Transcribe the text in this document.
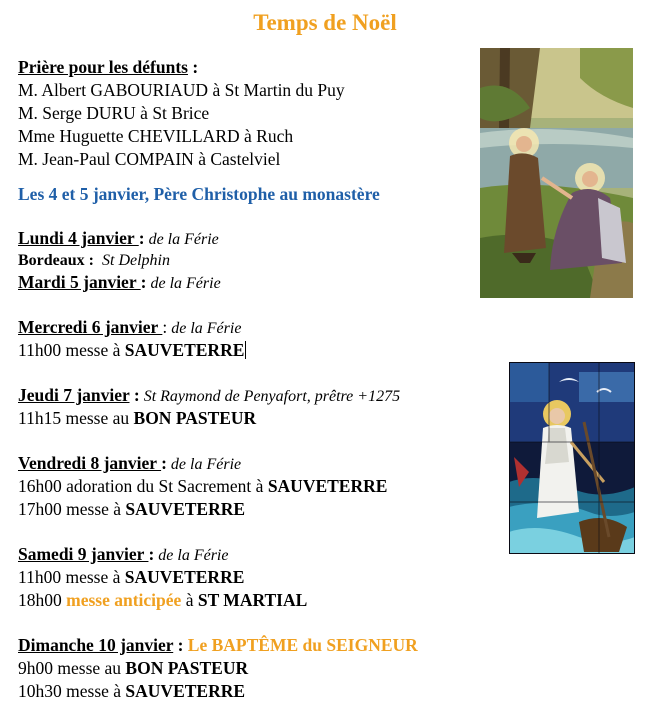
Temps de Noël
Prière pour les défunts :
M. Albert GABOURIAUD à St Martin du Puy
M. Serge DURU à St Brice
Mme Huguette CHEVILLARD à Ruch
M. Jean-Paul COMPAIN à Castelviel
Les 4 et 5 janvier, Père Christophe au monastère
Lundi 4 janvier : de la Férie
Bordeaux : St Delphin
Mardi 5 janvier : de la Férie
Mercredi 6 janvier : de la Férie
11h00 messe à SAUVETERRE
Jeudi 7 janvier : St Raymond de Penyafort, prêtre +1275
11h15 messe au BON PASTEUR
Vendredi 8 janvier : de la Férie
16h00 adoration du St Sacrement à SAUVETERRE
17h00 messe à SAUVETERRE
Samedi 9 janvier : de la Férie
11h00 messe à SAUVETERRE
18h00 messe anticipée à ST MARTIAL
Dimanche 10 janvier : Le BAPTÊME du SEIGNEUR
9h00 messe au BON PASTEUR
10h30 messe à SAUVETERRE
